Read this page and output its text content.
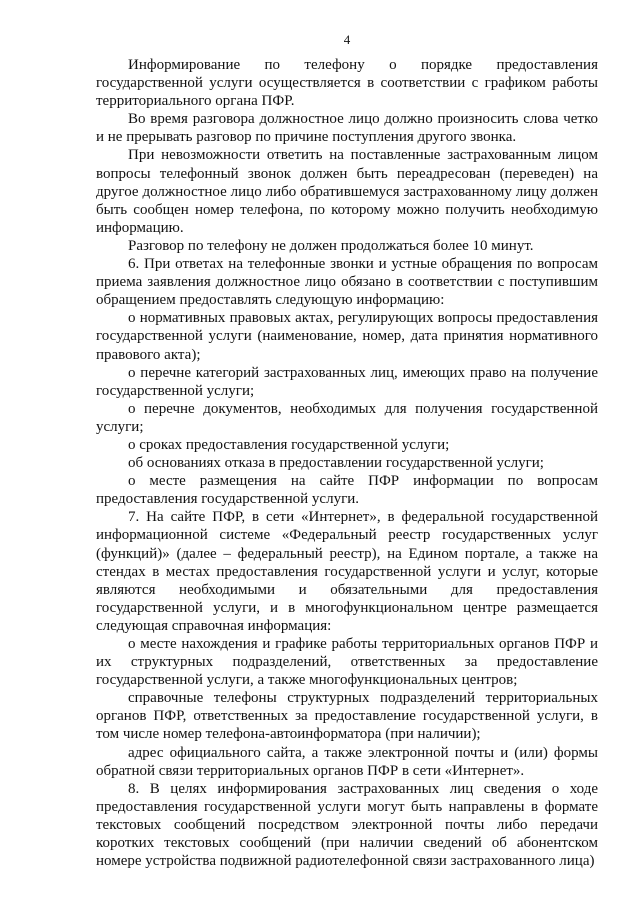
4

Информирование по телефону о порядке предоставления государственной услуги осуществляется в соответствии с графиком работы территориального органа ПФР.

Во время разговора должностное лицо должно произносить слова четко и не прерывать разговор по причине поступления другого звонка.

При невозможности ответить на поставленные застрахованным лицом вопросы телефонный звонок должен быть переадресован (переведен) на другое должностное лицо либо обратившемуся застрахованному лицу должен быть сообщен номер телефона, по которому можно получить необходимую информацию.

Разговор по телефону не должен продолжаться более 10 минут.

6. При ответах на телефонные звонки и устные обращения по вопросам приема заявления должностное лицо обязано в соответствии с поступившим обращением предоставлять следующую информацию:

о нормативных правовых актах, регулирующих вопросы предоставления государственной услуги (наименование, номер, дата принятия нормативного правового акта);

о перечне категорий застрахованных лиц, имеющих право на получение государственной услуги;

о перечне документов, необходимых для получения государственной услуги;

о сроках предоставления государственной услуги;

об основаниях отказа в предоставлении государственной услуги;

о месте размещения на сайте ПФР информации по вопросам предоставления государственной услуги.

7. На сайте ПФР, в сети «Интернет», в федеральной государственной информационной системе «Федеральный реестр государственных услуг (функций)» (далее – федеральный реестр), на Едином портале, а также на стендах в местах предоставления государственной услуги и услуг, которые являются необходимыми и обязательными для предоставления государственной услуги, и в многофункциональном центре размещается следующая справочная информация:

о месте нахождения и графике работы территориальных органов ПФР и их структурных подразделений, ответственных за предоставление государственной услуги, а также многофункциональных центров;

справочные телефоны структурных подразделений территориальных органов ПФР, ответственных за предоставление государственной услуги, в том числе номер телефона-автоинформатора (при наличии);

адрес официального сайта, а также электронной почты и (или) формы обратной связи территориальных органов ПФР в сети «Интернет».

8. В целях информирования застрахованных лиц сведения о ходе предоставления государственной услуги могут быть направлены в формате текстовых сообщений посредством электронной почты либо передачи коротких текстовых сообщений (при наличии сведений об абонентском номере устройства подвижной радиотелефонной связи застрахованного лица)
